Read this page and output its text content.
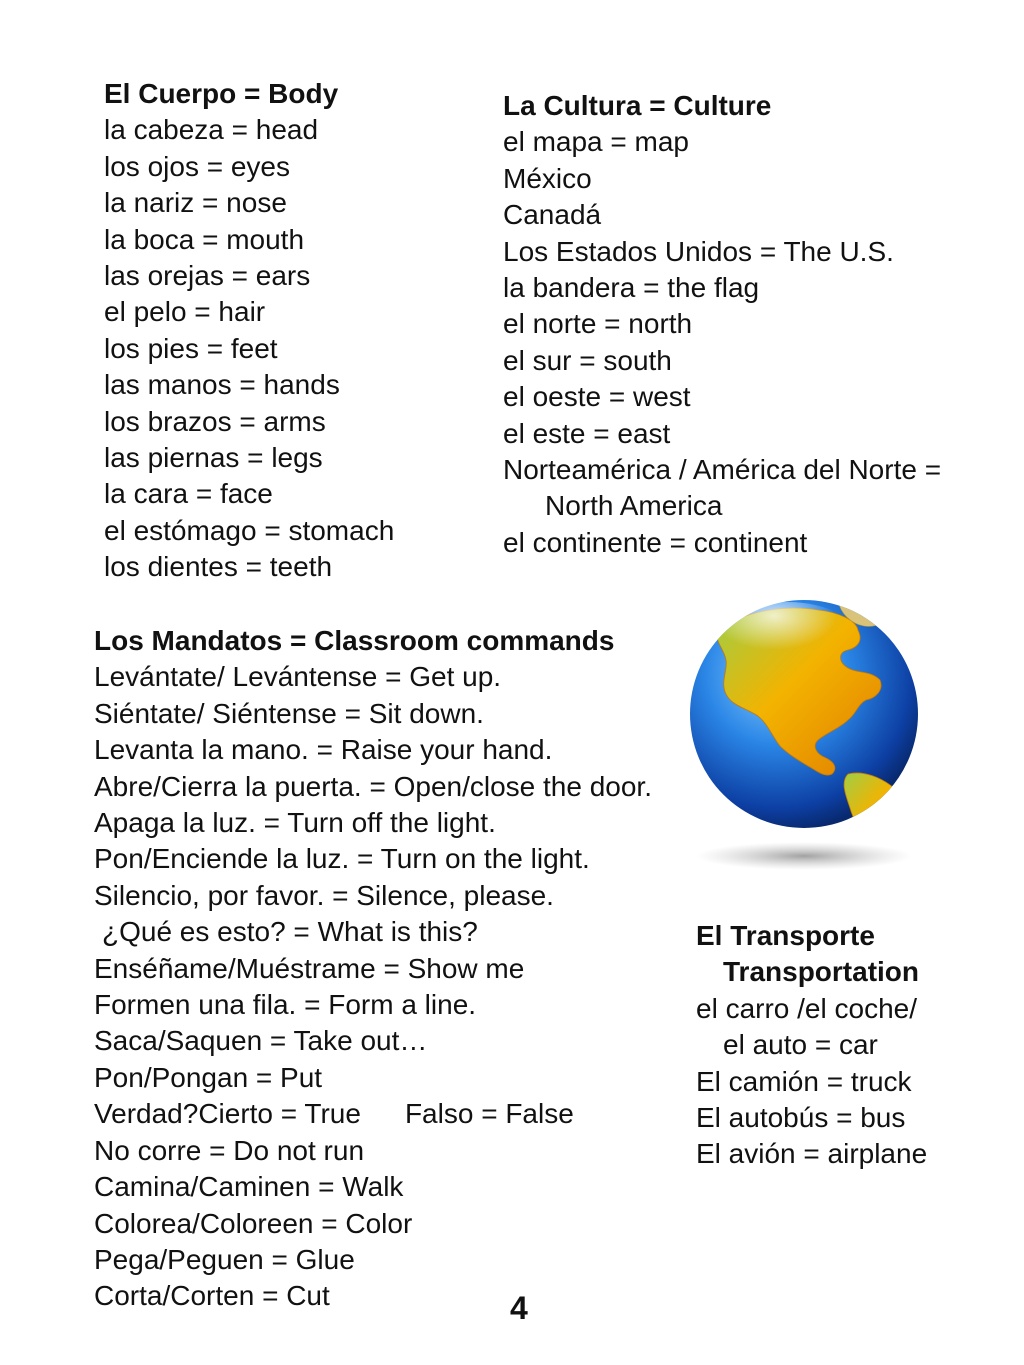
El Cuerpo = Body

la cabeza = head

los ojos = eyes

la nariz = nose

la boca = mouth

las orejas = ears

el pelo = hair

los pies = feet

las manos = hands

los brazos = arms

las piernas = legs

la cara = face

el estómago = stomach

los dientes = teeth

La Cultura = Culture

el mapa = map

México

Canadá

Los Estados Unidos = The U.S.

la bandera = the flag

el norte = north

el sur = south

el oeste = west

el este = east

Norteamérica / América del Norte =

North America

el continente = continent

Los Mandatos = Classroom commands

Levántate/ Levántense = Get up.

Siéntate/ Siéntense = Sit down.

Levanta la mano. = Raise your hand.

Abre/Cierra la puerta. = Open/close the door.

Apaga la luz. = Turn off the light.

Pon/Enciende la luz. = Turn on the light.

Silencio, por favor. = Silence, please.

¿Qué es esto? = What is this?

Enséñame/Muéstrame = Show me

Formen una fila. = Form a line.

Saca/Saquen = Take out…

Pon/Pongan = Put

Verdad?Cierto = True Falso = False

No corre = Do not run

Camina/Caminen = Walk

Colorea/Coloreen = Color

Pega/Peguen = Glue

Corta/Corten = Cut

El Transporte

Transportation

el carro /el coche/

el auto = car

El camión = truck

El autobús = bus

El avión = airplane

4
